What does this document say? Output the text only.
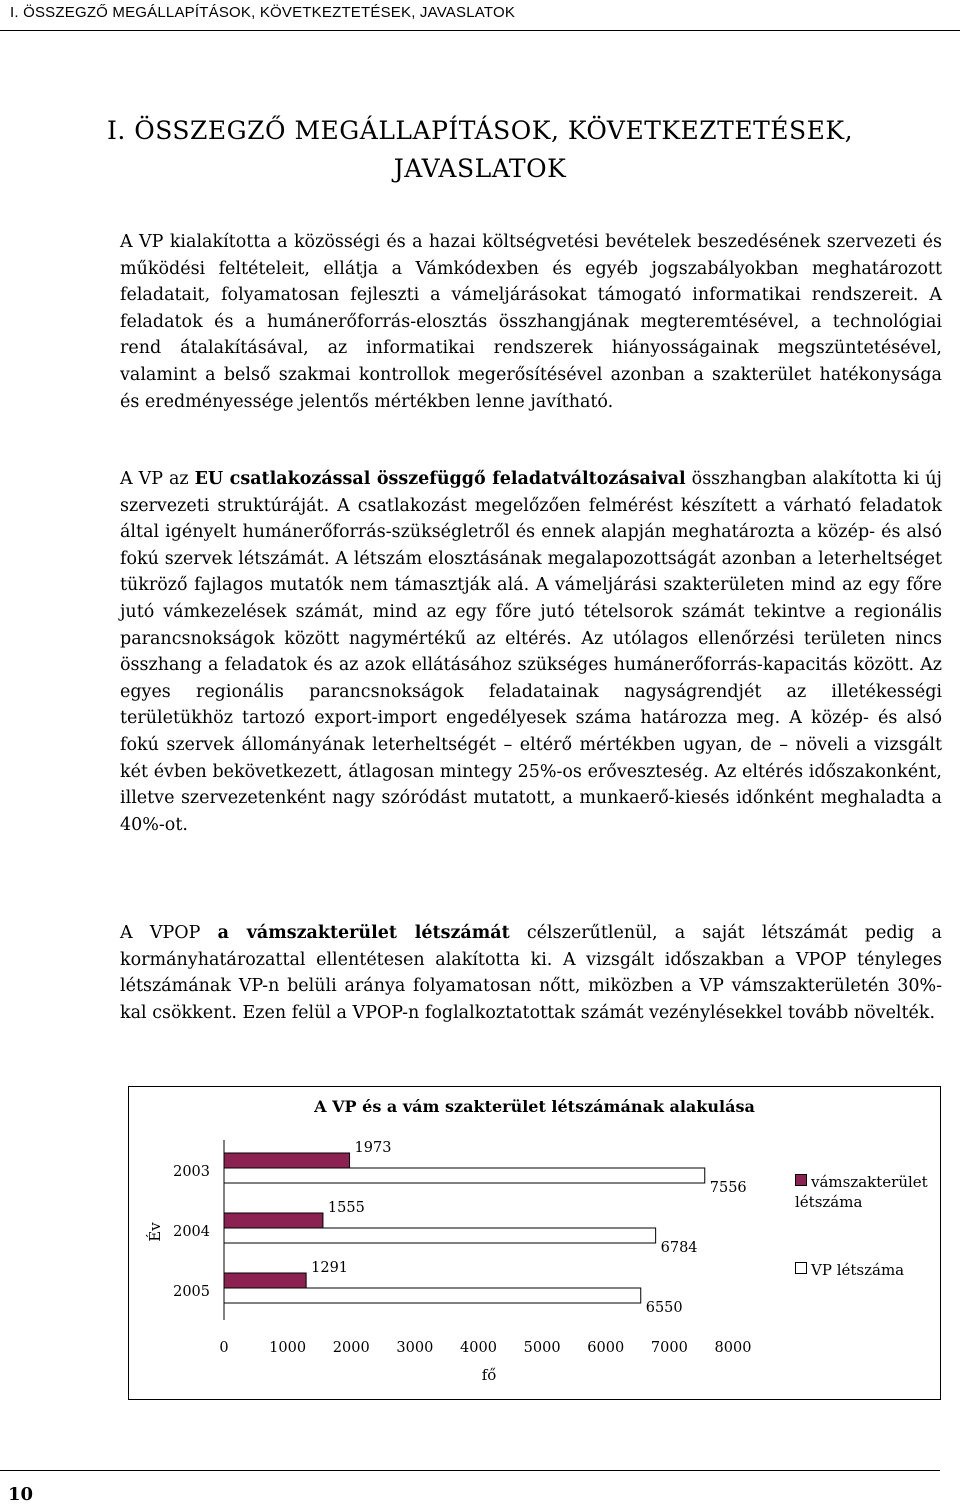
I. ÖSSZEGZŐ MEGÁLLAPÍTÁSOK, KÖVETKEZTETÉSEK, JAVASLATOK
I. ÖSSZEGZŐ MEGÁLLAPÍTÁSOK, KÖVETKEZTETÉSEK,
JAVASLATOK

A VP kialakította a közösségi és a hazai költségvetési bevételek beszedésének szervezeti és működési feltételeit, ellátja a Vámkódexben és egyéb jogszabályokban meghatározott feladatait, folyamatosan fejleszti a vámeljárásokat támogató informatikai rendszereit. A feladatok és a humánerőforrás-elosztás összhangjának megteremtésével, a technológiai rend átalakításával, az informatikai rendszerek hiányosságainak megszüntetésével, valamint a belső szakmai kontrollok megerősítésével azonban a szakterület hatékonysága és eredményessége jelentős mértékben lenne javítható.

A VP az EU csatlakozással összefüggő feladatváltozásaival összhangban alakította ki új szervezeti struktúráját. A csatlakozást megelőzően felmérést készített a várható feladatok által igényelt humánerőforrás-szükségletről és ennek alapján meghatározta a közép- és alsó fokú szervek létszámát. A létszám elosztásának megalapozottságát azonban a leterheltséget tükröző fajlagos mutatók nem támasztják alá. A vámeljárási szakterületen mind az egy főre jutó vámkezelések számát, mind az egy főre jutó tételsorok számát tekintve a regionális parancsnokságok között nagymértékű az eltérés. Az utólagos ellenőrzési területen nincs összhang a feladatok és az azok ellátásához szükséges humánerőforrás-kapacitás között. Az egyes regionális parancsnokságok feladatainak nagyságrendjét az illetékességi területükhöz tartozó export-import engedélyesek száma határozza meg. A közép- és alsó fokú szervek állományának leterheltségét – eltérő mértékben ugyan, de – növeli a vizsgált két évben bekövetkezett, átlagosan mintegy 25%-os erőveszteség. Az eltérés időszakonként, illetve szervezetenként nagy szóródást mutatott, a munkaerő-kiesés időnként meghaladta a 40%-ot.

A VPOP a vámszakterület létszámát célszerűtlenül, a saját létszámát pedig a kormányhatározattal ellentétesen alakította ki. A vizsgált időszakban a VPOP tényleges létszámának VP-n belüli aránya folyamatosan nőtt, miközben a VP vámszakterületén 30%-kal csökkent. Ezen felül a VPOP-n foglalkoztatottak számát vezénylésekkel tovább növelték.

A VP és a vám szakterület létszámának alakulása
2003
1973
7556
2004
1555
6784
2005
1291
6550
0	1000 2000 3000 4000 5000 6000 7000 8000
fő
Év
vámszakterület létszáma
VP létszáma
10
